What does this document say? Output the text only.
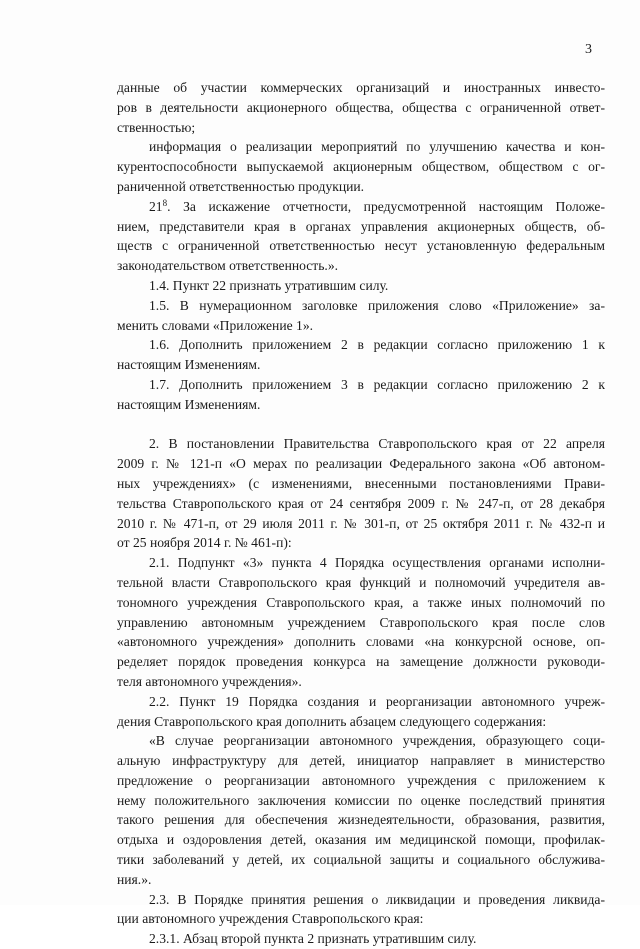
3
данные об участии коммерческих организаций и иностранных инвесто-
ров в деятельности акционерного общества, общества с ограниченной ответ-
ственностью;
информация о реализации мероприятий по улучшению качества и кон-
курентоспособности выпускаемой акционерным обществом, обществом с ог-
раниченной ответственностью продукции.
$21^8$. За искажение отчетности, предусмотренной настоящим Положе-
нием, представители края в органах управления акционерных обществ, об-
ществ с ограниченной ответственностью несут установленную федеральным
законодательством ответственность.».
1.4. Пункт 22 признать утратившим силу.
1.5. В нумерационном заголовке приложения слово «Приложение» за-
менить словами «Приложение 1».
1.6. Дополнить приложением 2 в редакции согласно приложению 1 к
настоящим Изменениям.
1.7. Дополнить приложением 3 в редакции согласно приложению 2 к
настоящим Изменениям.
2. В постановлении Правительства Ставропольского края от 22 апреля
2009 г. № 121-п «О мерах по реализации Федерального закона «Об автоном-
ных учреждениях» (с изменениями, внесенными постановлениями Прави-
тельства Ставропольского края от 24 сентября 2009 г. № 247-п, от 28 декабря
2010 г. № 471-п, от 29 июля 2011 г. № 301-п, от 25 октября 2011 г. № 432-п и
от 25 ноября 2014 г. № 461-п):
2.1. Подпункт «3» пункта 4 Порядка осуществления органами исполни-
тельной власти Ставропольского края функций и полномочий учредителя ав-
тономного учреждения Ставропольского края, а также иных полномочий по
управлению автономным учреждением Ставропольского края после слов
«автономного учреждения» дополнить словами «на конкурсной основе, оп-
ределяет порядок проведения конкурса на замещение должности руководи-
теля автономного учреждения».
2.2. Пункт 19 Порядка создания и реорганизации автономного учреж-
дения Ставропольского края дополнить абзацем следующего содержания:
«В случае реорганизации автономного учреждения, образующего соци-
альную инфраструктуру для детей, инициатор направляет в министерство
предложение о реорганизации автономного учреждения с приложением к
нему положительного заключения комиссии по оценке последствий принятия
такого решения для обеспечения жизнедеятельности, образования, развития,
отдыха и оздоровления детей, оказания им медицинской помощи, профилак-
тики заболеваний у детей, их социальной защиты и социального обслужива-
ния.».
2.3. В Порядке принятия решения о ликвидации и проведения ликвида-
ции автономного учреждения Ставропольского края:
2.3.1. Абзац второй пункта 2 признать утратившим силу.
